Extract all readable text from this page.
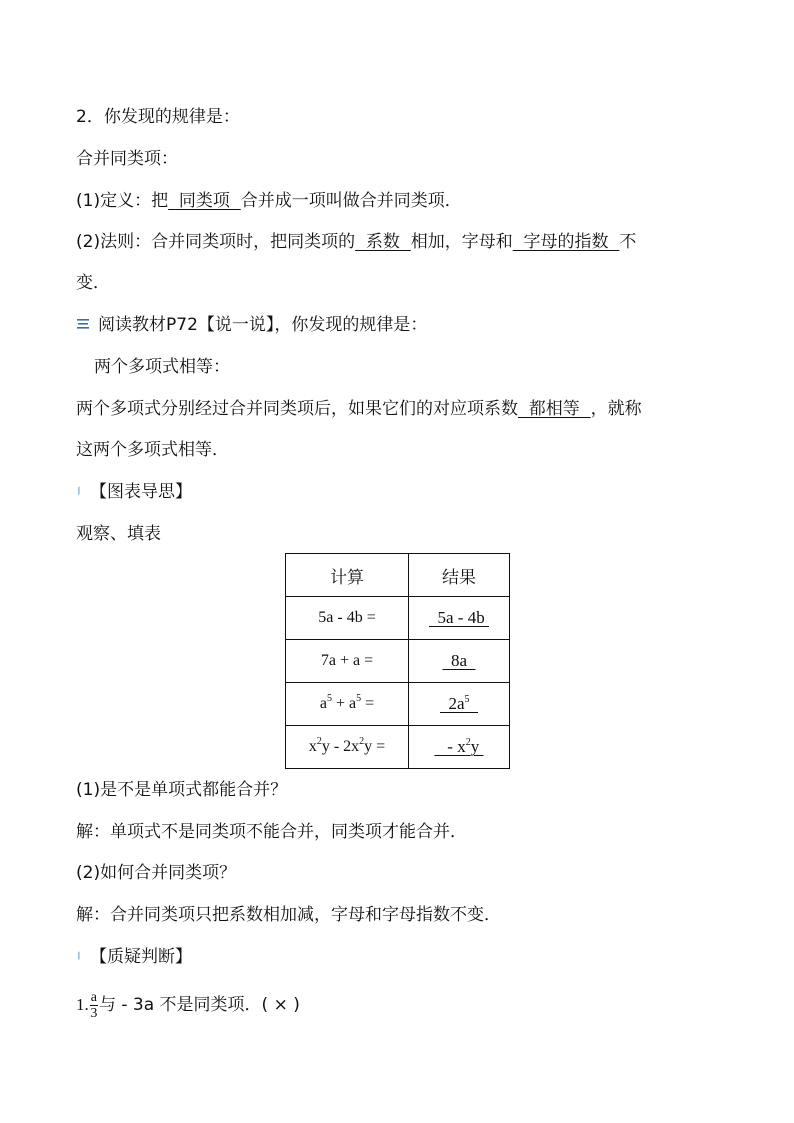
2．你发现的规律是：
合并同类项：
(1)定义：把  同类项  合并成一项叫做合并同类项．
(2)法则：合并同类项时，把同类项的  系数  相加，字母和  字母的指数  不
变．
阅读教材P72【说一说】，你发现的规律是：
两个多项式相等：
两个多项式分别经过合并同类项后，如果它们的对应项系数  都相等  ，就称
这两个多项式相等．
【图表导思】
观察、填表
计算	结果
5a - 4b =	5a - 4b
7a + a =	8a
$a^5 + a^5$ =	$2a^5$
$x^2y - 2x^2y$ =	- $x^2y$
(1)是不是单项式都能合并？
解：单项式不是同类项不能合并，同类项才能合并．
(2)如何合并同类项？
解：合并同类项只把系数相加减，字母和字母指数不变．
【质疑判断】
1. $\frac{a}{3}$ 与 - 3a 不是同类项．( × )
